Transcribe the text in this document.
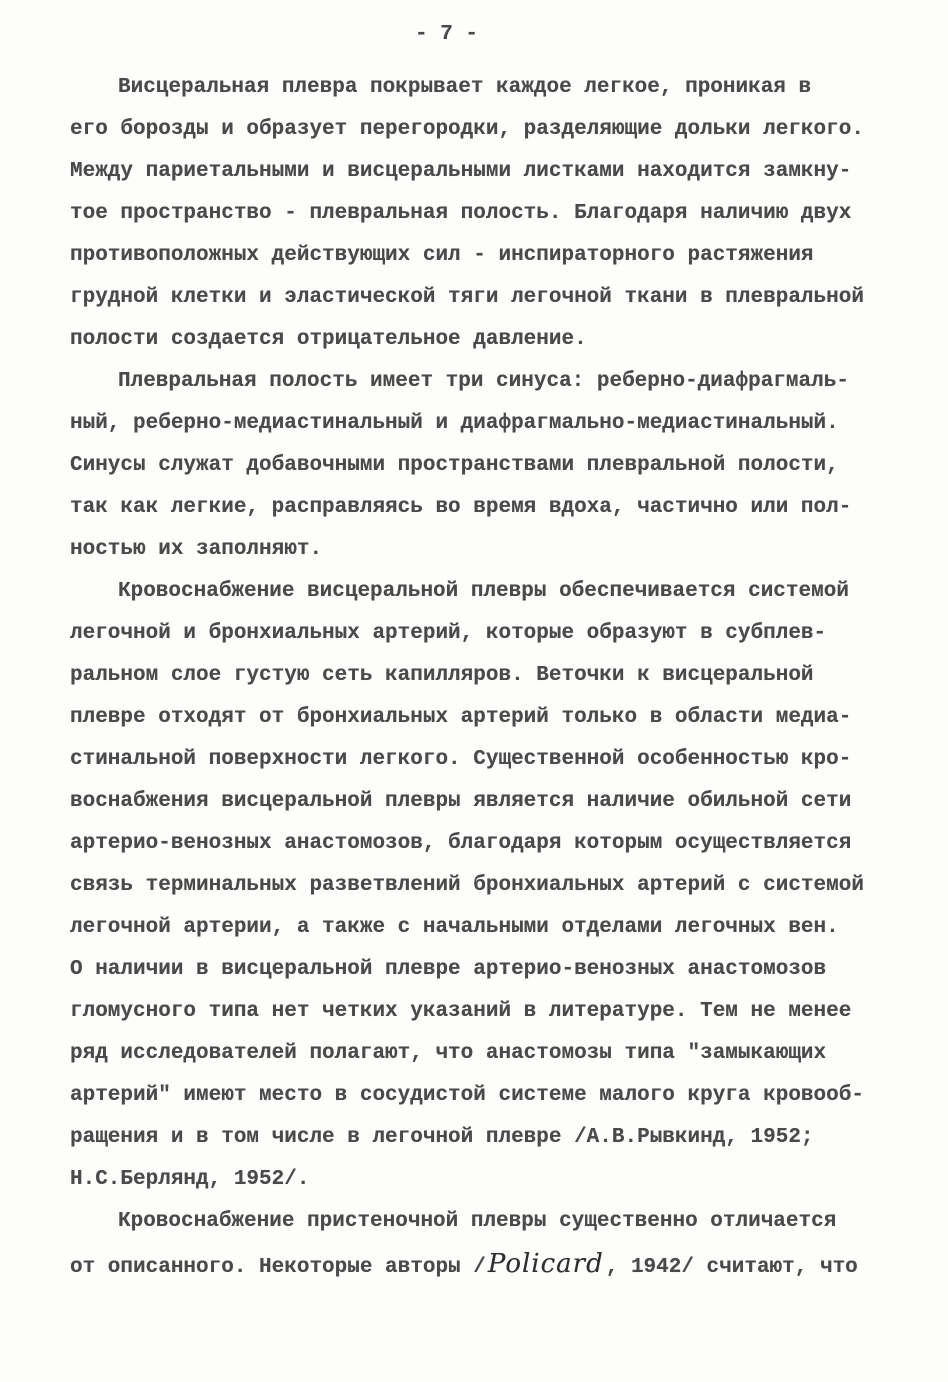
- 7 -
Висцеральная плевра покрывает каждое легкое, проникая в
его борозды и образует перегородки, разделяющие дольки легкого.
Между париетальными и висцеральными листками находится замкну-
тое пространство - плевральная полость. Благодаря наличию двух
противоположных действующих сил - инспираторного растяжения
грудной клетки и эластической тяги легочной ткани в плевральной
полости создается отрицательное давление.
Плевральная полость имеет три синуса: реберно-диафрагмаль-
ный, реберно-медиастинальный и диафрагмально-медиастинальный.
Синусы служат добавочными пространствами плевральной полости,
так как легкие, расправляясь во время вдоха, частично или пол-
ностью их заполняют.
Кровоснабжение висцеральной плевры обеспечивается системой
легочной и бронхиальных артерий, которые образуют в субплев-
ральном слое густую сеть капилляров. Веточки к висцеральной
плевре отходят от бронхиальных артерий только в области медиа-
стинальной поверхности легкого. Существенной особенностью кро-
воснабжения висцеральной плевры является наличие обильной сети
артерио-венозных анастомозов, благодаря которым осуществляется
связь терминальных разветвлений бронхиальных артерий с системой
легочной артерии, а также с начальными отделами легочных вен.
О наличии в висцеральной плевре артерио-венозных анастомозов
гломусного типа нет четких указаний в литературе. Тем не менее
ряд исследователей полагают, что анастомозы типа "замыкающих
артерий" имеют место в сосудистой системе малого круга кровооб-
ращения и в том числе в легочной плевре /А.В.Рывкинд, 1952;
Н.С.Берлянд, 1952/.
Кровоснабжение пристеночной плевры существенно отличается
от описанного. Некоторые авторы /Policard, 1942/ считают, что
